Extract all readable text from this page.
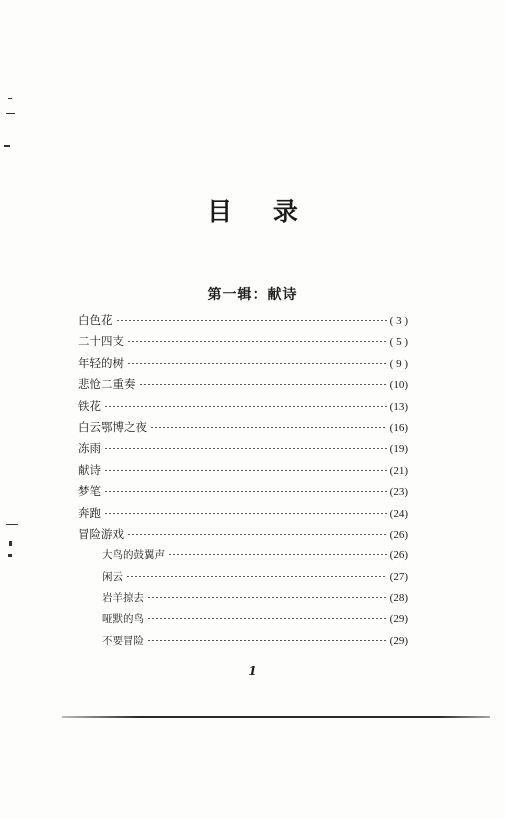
目 录
第一辑：献诗
白色花	( 3 )
二十四支	( 5 )
年轻的树	( 9 )
悲怆二重奏	(10)
铁花	(13)
白云鄂博之夜	(16)
冻雨	(19)
献诗	(21)
梦笔	(23)
奔跑	(24)
冒险游戏	(26)
大鸟的鼓翼声	(26)
闲云	(27)
岩羊掠去	(28)
哑默的鸟	(29)
不要冒险	(29)
1
